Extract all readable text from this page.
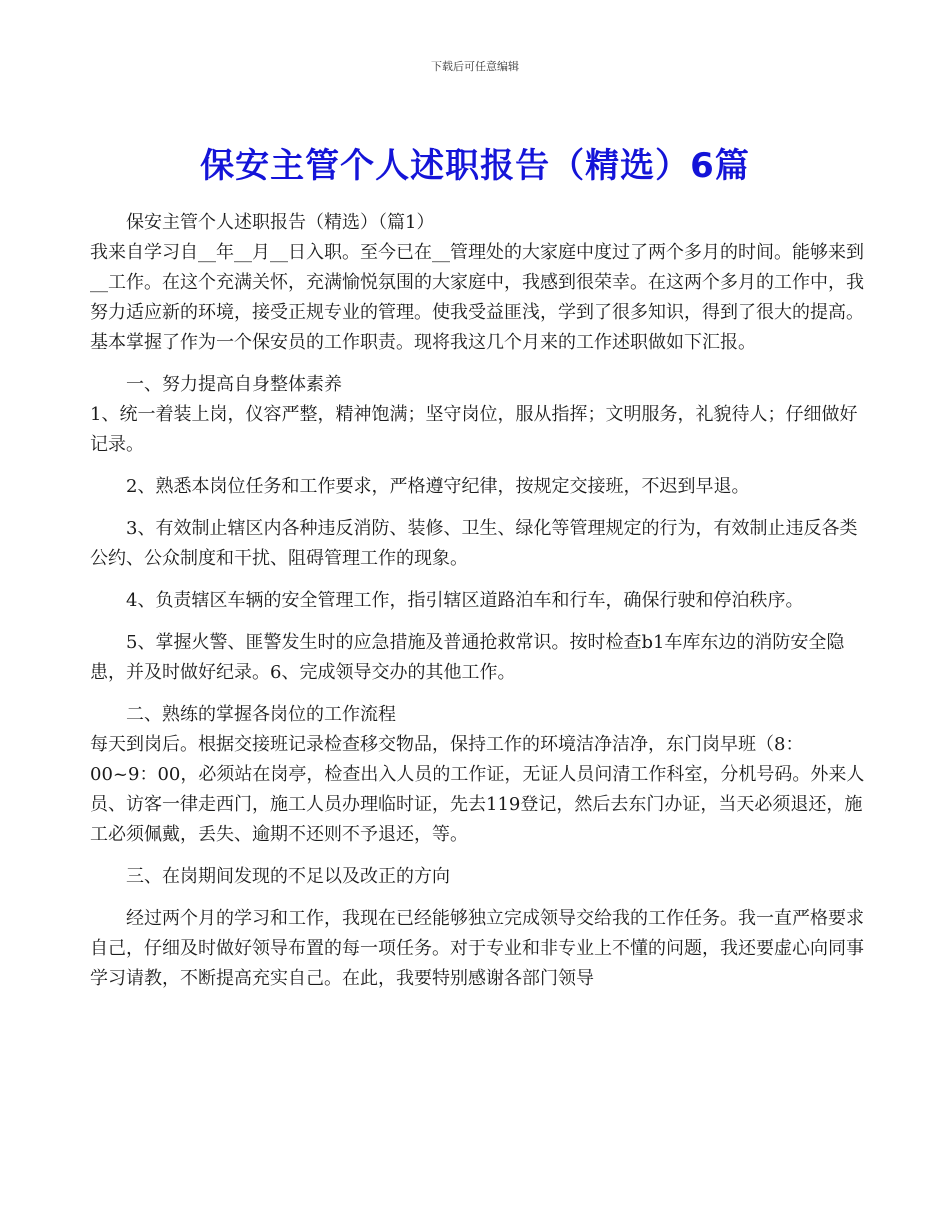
下载后可任意编辑
保安主管个人述职报告（精选）6篇

保安主管个人述职报告（精选）（篇1）

我来自学习自__年__月__日入职。至今已在__管理处的大家庭中度过了两个多月的时间。能够来到__工作。在这个充满关怀，充满愉悦氛围的大家庭中，我感到很荣幸。在这两个多月的工作中，我努力适应新的环境，接受正规专业的管理。使我受益匪浅，学到了很多知识，得到了很大的提高。基本掌握了作为一个保安员的工作职责。现将我这几个月来的工作述职做如下汇报。

一、努力提高自身整体素养

1、统一着装上岗，仪容严整，精神饱满；坚守岗位，服从指挥；文明服务，礼貌待人；仔细做好记录。

2、熟悉本岗位任务和工作要求，严格遵守纪律，按规定交接班，不迟到早退。

3、有效制止辖区内各种违反消防、装修、卫生、绿化等管理规定的行为，有效制止违反各类公约、公众制度和干扰、阻碍管理工作的现象。

4、负责辖区车辆的安全管理工作，指引辖区道路泊车和行车，确保行驶和停泊秩序。

5、掌握火警、匪警发生时的应急措施及普通抢救常识。按时检查b1车库东边的消防安全隐患，并及时做好纪录。6、完成领导交办的其他工作。

二、熟练的掌握各岗位的工作流程

每天到岗后。根据交接班记录检查移交物品，保持工作的环境洁净洁净，东门岗早班（8：00~9：00，必须站在岗亭，检查出入人员的工作证，无证人员问清工作科室，分机号码。外来人员、访客一律走西门，施工人员办理临时证，先去119登记，然后去东门办证，当天必须退还，施工必须佩戴，丢失、逾期不还则不予退还，等。

三、在岗期间发现的不足以及改正的方向

经过两个月的学习和工作，我现在已经能够独立完成领导交给我的工作任务。我一直严格要求自己，仔细及时做好领导布置的每一项任务。对于专业和非专业上不懂的问题，我还要虚心向同事学习请教，不断提高充实自己。在此，我要特别感谢各部门领导
